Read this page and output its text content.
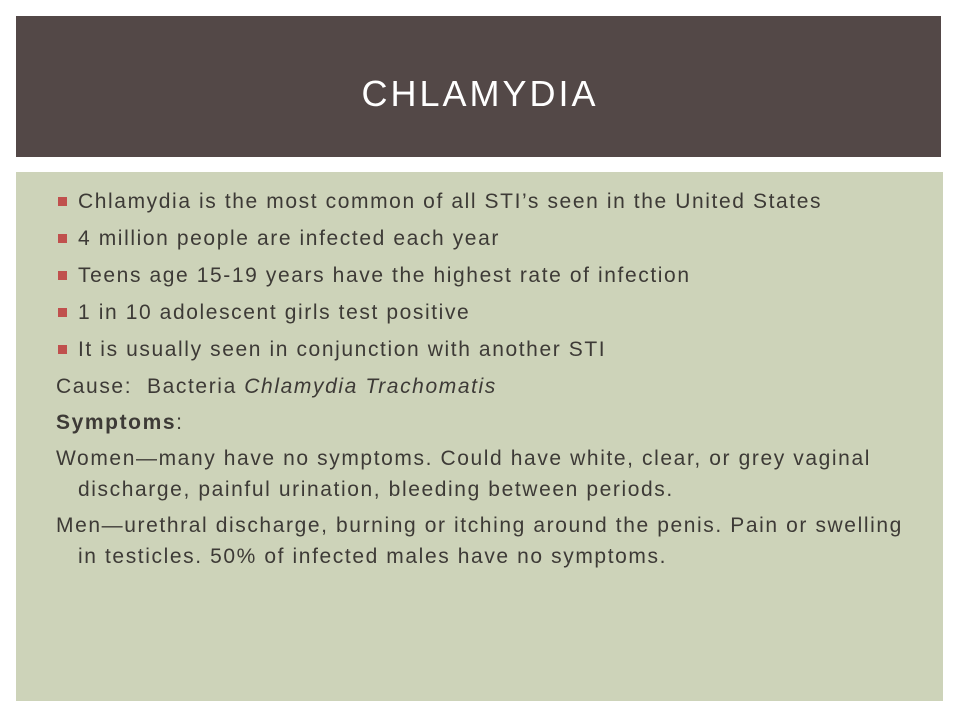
CHLAMYDIA
Chlamydia is the most common of all STI’s seen in the United States
4 million people are infected each year
Teens age 15-19 years have the highest rate of infection
1 in 10 adolescent girls test positive
It is usually seen in conjunction with another STI
Cause: Bacteria Chlamydia Trachomatis
Symptoms:
Women—many have no symptoms. Could have white, clear, or grey vaginal discharge, painful urination, bleeding between periods.
Men—urethral discharge, burning or itching around the penis. Pain or swelling in testicles. 50% of infected males have no symptoms.
